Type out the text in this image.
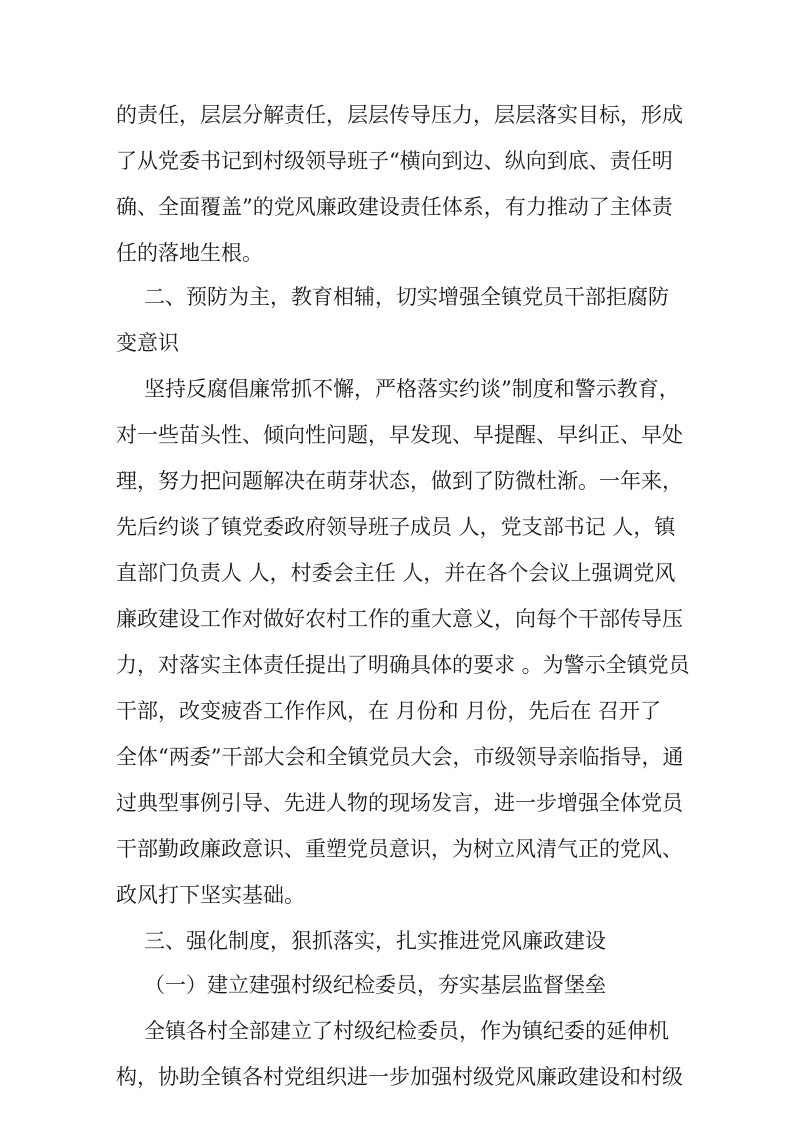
的责任，层层分解责任，层层传导压力，层层落实目标，形成
了从党委书记到村级领导班子“横向到边、纵向到底、责任明
确、全面覆盖”的党风廉政建设责任体系，有力推动了主体责
任的落地生根。
二、预防为主，教育相辅，切实增强全镇党员干部拒腐防
变意识
坚持反腐倡廉常抓不懈，严格落实约谈”制度和警示教育，
对一些苗头性、倾向性问题，早发现、早提醒、早纠正、早处
理，努力把问题解决在萌芽状态，做到了防微杜渐。一年来，
先后约谈了镇党委政府领导班子成员 人，党支部书记 人，镇
直部门负责人 人，村委会主任 人，并在各个会议上强调党风
廉政建设工作对做好农村工作的重大意义，向每个干部传导压
力，对落实主体责任提出了明确具体的要求 。为警示全镇党员
干部，改变疲沓工作作风，在 月份和 月份，先后在 召开了
全体“两委”干部大会和全镇党员大会，市级领导亲临指导，通
过典型事例引导、先进人物的现场发言，进一步增强全体党员
干部勤政廉政意识、重塑党员意识，为树立风清气正的党风、
政风打下坚实基础。
三、强化制度，狠抓落实，扎实推进党风廉政建设
（一）建立建强村级纪检委员，夯实基层监督堡垒
全镇各村全部建立了村级纪检委员，作为镇纪委的延伸机
构，协助全镇各村党组织进一步加强村级党风廉政建设和村级
